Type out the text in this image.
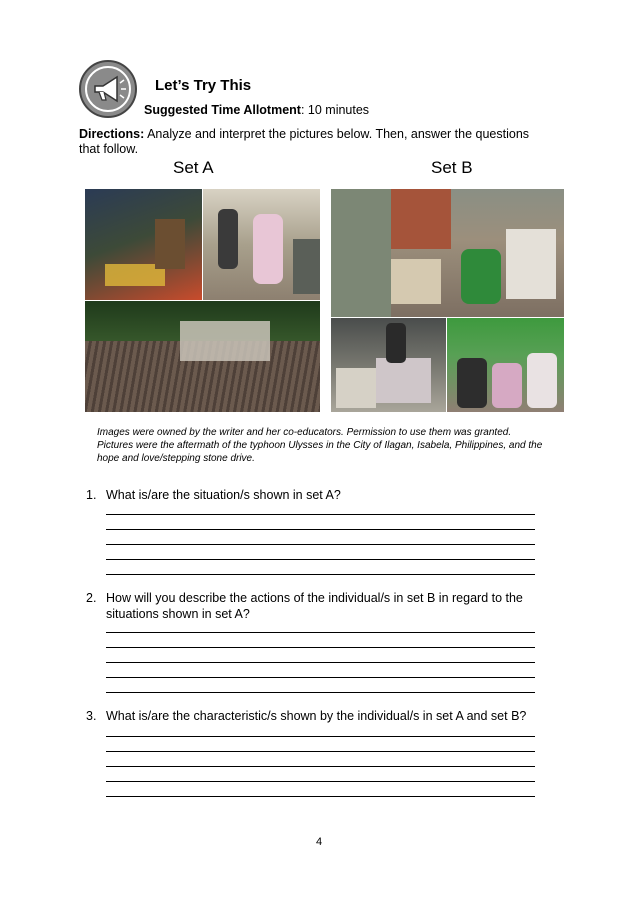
Let’s Try This
Suggested Time Allotment: 10 minutes
Directions: Analyze and interpret the pictures below. Then, answer the questions that follow.
Set A	Set B
Images were owned by the writer and her co-educators. Permission to use them was granted. Pictures were the aftermath of the typhoon Ulysses in the City of Ilagan, Isabela, Philippines, and the hope and love/stepping stone drive.
1. What is/are the situation/s shown in set A?
2. How will you describe the actions of the individual/s in set B in regard to the situations shown in set A?
3. What is/are the characteristic/s shown by the individual/s in set A and set B?
4
